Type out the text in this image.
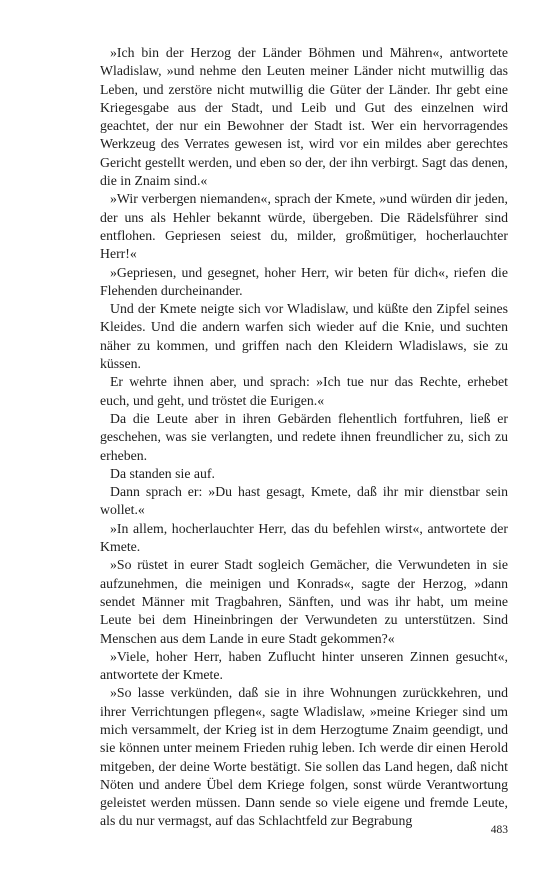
»Ich bin der Herzog der Länder Böhmen und Mähren«, antwortete Wladislaw, »und nehme den Leuten meiner Länder nicht mutwillig das Leben, und zerstöre nicht mutwillig die Güter der Länder. Ihr gebt eine Kriegesgabe aus der Stadt, und Leib und Gut des einzelnen wird geachtet, der nur ein Bewohner der Stadt ist. Wer ein hervorragendes Werkzeug des Verrates gewesen ist, wird vor ein mildes aber gerechtes Gericht gestellt werden, und eben so der, der ihn verbirgt. Sagt das denen, die in Znaim sind.«

»Wir verbergen niemanden«, sprach der Kmete, »und würden dir jeden, der uns als Hehler bekannt würde, übergeben. Die Rädelsführer sind entflohen. Gepriesen seiest du, milder, großmütiger, hocherlauchter Herr!«

»Gepriesen, und gesegnet, hoher Herr, wir beten für dich«, riefen die Flehenden durcheinander.

Und der Kmete neigte sich vor Wladislaw, und küßte den Zipfel seines Kleides. Und die andern warfen sich wieder auf die Knie, und suchten näher zu kommen, und griffen nach den Kleidern Wladislaws, sie zu küssen.

Er wehrte ihnen aber, und sprach: »Ich tue nur das Rechte, erhebet euch, und geht, und tröstet die Eurigen.«

Da die Leute aber in ihren Gebärden flehentlich fortfuhren, ließ er geschehen, was sie verlangten, und redete ihnen freundlicher zu, sich zu erheben.

Da standen sie auf.

Dann sprach er: »Du hast gesagt, Kmete, daß ihr mir dienstbar sein wollet.«

»In allem, hocherlauchter Herr, das du befehlen wirst«, antwortete der Kmete.

»So rüstet in eurer Stadt sogleich Gemächer, die Verwundeten in sie aufzunehmen, die meinigen und Konrads«, sagte der Herzog, »dann sendet Männer mit Tragbahren, Sänften, und was ihr habt, um meine Leute bei dem Hineinbringen der Verwundeten zu unterstützen. Sind Menschen aus dem Lande in eure Stadt gekommen?«

»Viele, hoher Herr, haben Zuflucht hinter unseren Zinnen gesucht«, antwortete der Kmete.

»So lasse verkünden, daß sie in ihre Wohnungen zurückkehren, und ihrer Verrichtungen pflegen«, sagte Wladislaw, »meine Krieger sind um mich versammelt, der Krieg ist in dem Herzogtume Znaim geendigt, und sie können unter meinem Frieden ruhig leben. Ich werde dir einen Herold mitgeben, der deine Worte bestätigt. Sie sollen das Land hegen, daß nicht Nöten und andere Übel dem Kriege folgen, sonst würde Verantwortung geleistet werden müssen. Dann sende so viele eigene und fremde Leute, als du nur vermagst, auf das Schlachtfeld zur Begrabung

483
